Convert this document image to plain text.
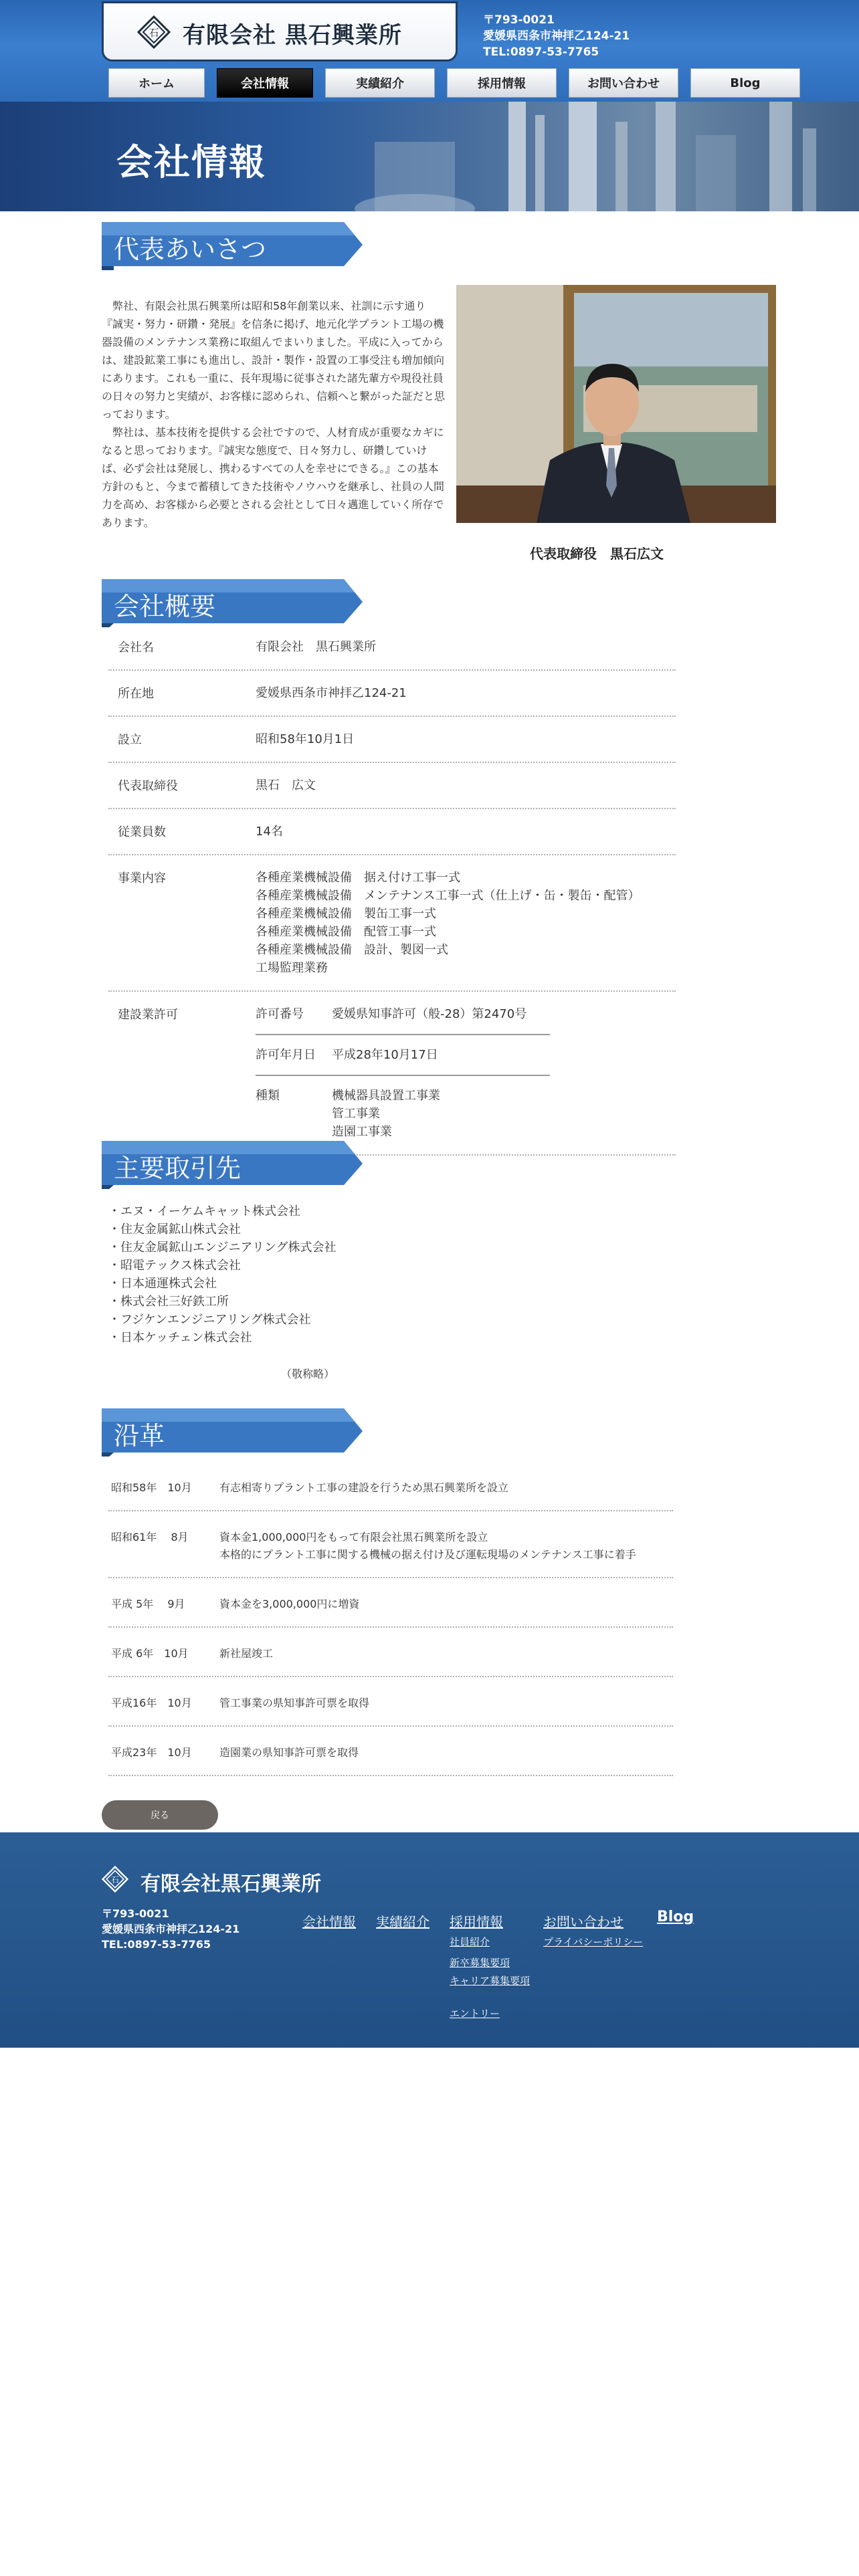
石 有限会社 黒石興業所
〒793-0021
愛媛県西条市神拝乙124-21
TEL:0897-53-7765
ホーム	会社情報	実績紹介	採用情報	お問い合わせ	Blog
会社情報
代表あいさつ

弊社、有限会社黒石興業所は昭和58年創業以来、社訓に示す通り『誠実・努力・研鑽・発展』を信条に掲げ、地元化学プラント工場の機器設備のメンテナンス業務に取組んでまいりました。平成に入ってからは、建設鉱業工事にも進出し、設計・製作・設置の工事受注も増加傾向にあります。これも一重に、長年現場に従事された諸先輩方や現役社員の日々の努力と実績が、お客様に認められ、信頼へと繋がった証だと思っております。

弊社は、基本技術を提供する会社ですので、人材育成が重要なカギになると思っております。『誠実な態度で、日々努力し、研鑽していけば、必ず会社は発展し、携わるすべての人を幸せにできる。』この基本方針のもと、今まで蓄積してきた技術やノウハウを継承し、社員の人間力を高め、お客様から必要とされる会社として日々邁進していく所存であります。

代表取締役　黒石広文
会社概要
会社名	有限会社　黒石興業所
所在地	愛媛県西条市神拝乙124-21
設立	昭和58年10月1日
代表取締役	黒石　広文
従業員数	14名
事業内容	各種産業機械設備　据え付け工事一式
各種産業機械設備　メンテナンス工事一式（仕上げ・缶・製缶・配管）
各種産業機械設備　製缶工事一式
各種産業機械設備　配管工事一式
各種産業機械設備　設計、製図一式
工場監理業務
建設業許可	許可番号	愛媛県知事許可（般-28）第2470号
許可年月日	平成28年10月17日
種類	機械器具設置工事業
管工事業
造園工事業
主要取引先
・エヌ・イーケムキャット株式会社
・住友金属鉱山株式会社
・住友金属鉱山エンジニアリング株式会社
・昭電テックス株式会社
・日本通運株式会社
・株式会社三好鉄工所
・フジケンエンジニアリング株式会社
・日本ケッチェン株式会社
（敬称略）
沿革
昭和58年　10月	有志相寄りプラント工事の建設を行うため黒石興業所を設立
昭和61年　 8月	資本金1,000,000円をもって有限会社黒石興業所を設立
本格的にプラント工事に関する機械の据え付け及び運転現場のメンテナンス工事に着手
平成 5年　 9月	資本金を3,000,000円に増資
平成 6年　10月	新社屋竣工
平成16年　10月	管工事業の県知事許可票を取得
平成23年　10月	造園業の県知事許可票を取得
戻る
石 有限会社黒石興業所
〒793-0021
愛媛県西条市神拝乙124-21
TEL:0897-53-7765
会社情報 実績紹介 採用情報
社員紹介
新卒募集要項
キャリア募集要項
エントリー
お問い合わせ
プライバシーポリシー
Blog
